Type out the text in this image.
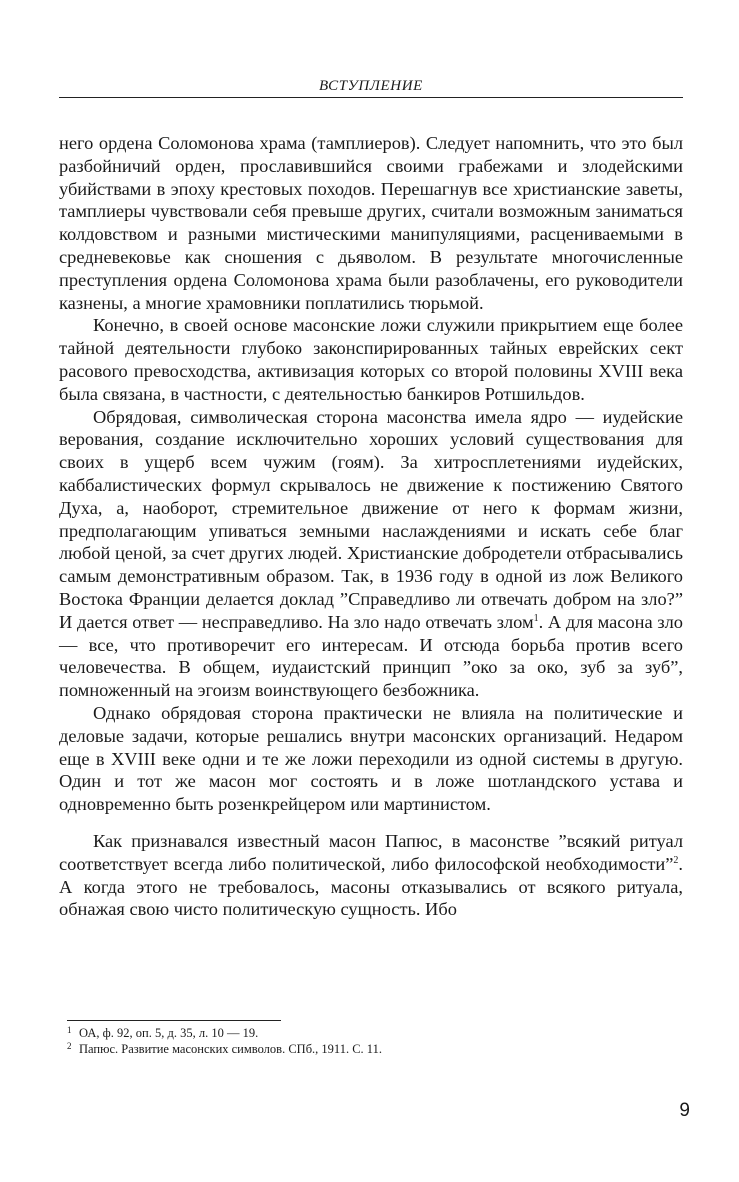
ВСТУПЛЕНИЕ

него ордена Соломонова храма (тамплиеров). Следует напомнить, что это был разбойничий орден, прославившийся своими грабежами и злодейскими убийствами в эпоху крестовых походов. Перешагнув все христианские заветы, тамплиеры чувствовали себя превыше других, считали возможным заниматься колдовством и разными мистическими манипуляциями, расцениваемыми в средневековье как сношения с дьяволом. В результате многочисленные преступления ордена Соломонова храма были разоблачены, его руководители казнены, а многие храмовники поплатились тюрьмой.

Конечно, в своей основе масонские ложи служили прикрытием еще более тайной деятельности глубоко законспирированных тайных еврейских сект расового превосходства, активизация которых со второй половины XVIII века была связана, в частности, с деятельностью банкиров Ротшильдов.

Обрядовая, символическая сторона масонства имела ядро — иудейские верования, создание исключительно хороших условий существования для своих в ущерб всем чужим (гоям). За хитросплетениями иудейских, каббалистических формул скрывалось не движение к постижению Святого Духа, а, наоборот, стремительное движение от него к формам жизни, предполагающим упиваться земными наслаждениями и искать себе благ любой ценой, за счет других людей. Христианские добродетели отбрасывались самым демонстративным образом. Так, в 1936 году в одной из лож Великого Востока Франции делается доклад ”Справедливо ли отвечать добром на зло?” И дается ответ — несправедливо. На зло надо отвечать злом$^1$. А для масона зло — все, что противоречит его интересам. И отсюда борьба против всего человечества. В общем, иудаистский принцип ”око за око, зуб за зуб”, помноженный на эгоизм воинствующего безбожника.

Однако обрядовая сторона практически не влияла на политические и деловые задачи, которые решались внутри масонских организаций. Недаром еще в XVIII веке одни и те же ложи переходили из одной системы в другую. Один и тот же масон мог состоять и в ложе шотландского устава и одновременно быть розенкрейцером или мартинистом.

Как признавался известный масон Папюс, в масонстве ”всякий ритуал соответствует всегда либо политической, либо философской необходимости”$^2$. А когда этого не требовалось, масоны отказывались от всякого ритуала, обнажая свою чисто политическую сущность. Ибо

1 ОА, ф. 92, оп. 5, д. 35, л. 10 — 19.
2 Папюс. Развитие масонских символов. СПб., 1911. С. 11.
9
